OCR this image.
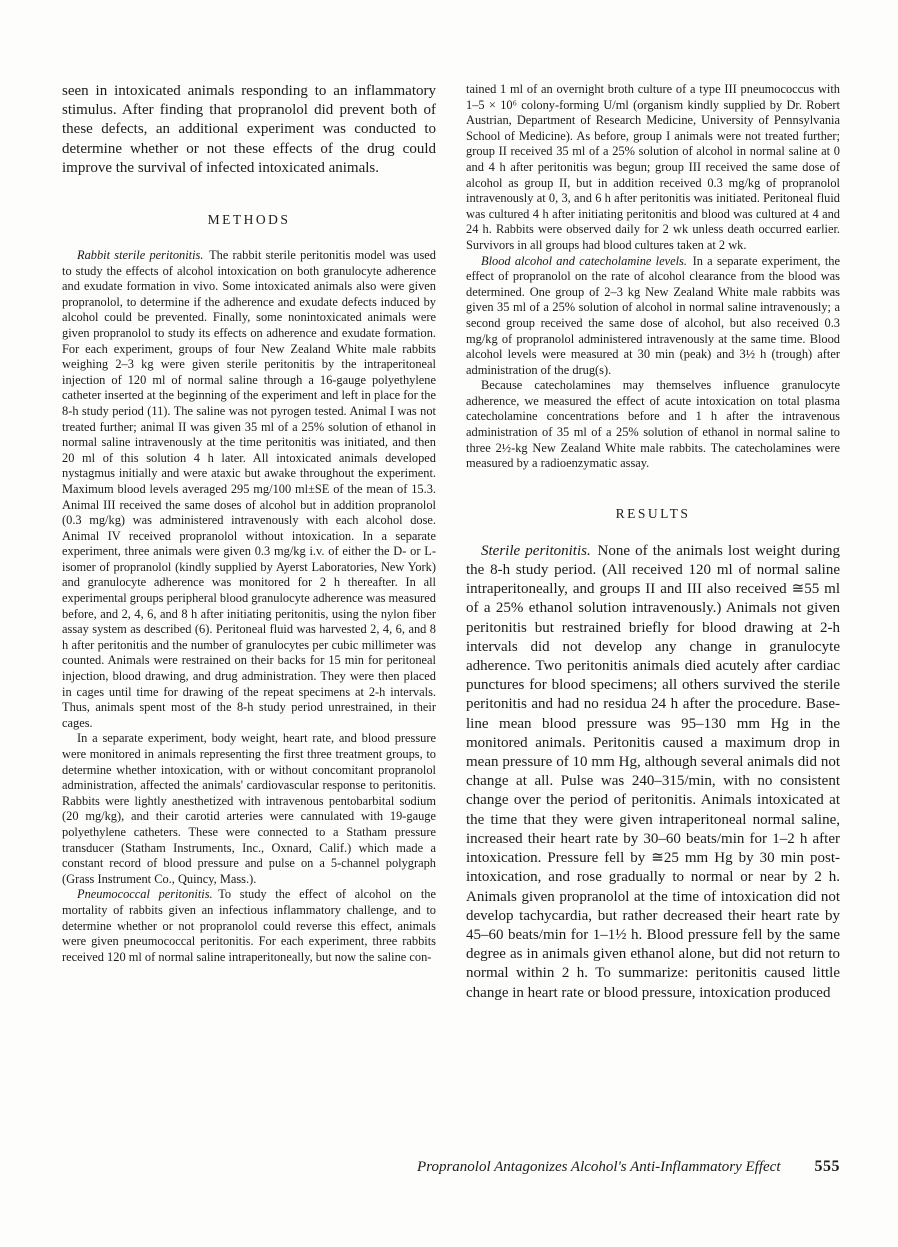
seen in intoxicated animals responding to an inflammatory stimulus. After finding that propranolol did prevent both of these defects, an additional experiment was conducted to determine whether or not these effects of the drug could improve the survival of infected intoxicated animals.

METHODS

Rabbit sterile peritonitis. The rabbit sterile peritonitis model was used to study the effects of alcohol intoxication on both granulocyte adherence and exudate formation in vivo. Some intoxicated animals also were given propranolol, to determine if the adherence and exudate defects induced by alcohol could be prevented. Finally, some nonintoxicated animals were given propranolol to study its effects on adherence and exudate formation. For each experiment, groups of four New Zealand White male rabbits weighing 2–3 kg were given sterile peritonitis by the intraperitoneal injection of 120 ml of normal saline through a 16-gauge polyethylene catheter inserted at the beginning of the experiment and left in place for the 8-h study period (11). The saline was not pyrogen tested. Animal I was not treated further; animal II was given 35 ml of a 25% solution of ethanol in normal saline intravenously at the time peritonitis was initiated, and then 20 ml of this solution 4 h later. All intoxicated animals developed nystagmus initially and were ataxic but awake throughout the experiment. Maximum blood levels averaged 295 mg/100 ml±SE of the mean of 15.3. Animal III received the same doses of alcohol but in addition propranolol (0.3 mg/kg) was administered intravenously with each alcohol dose. Animal IV received propranolol without intoxication. In a separate experiment, three animals were given 0.3 mg/kg i.v. of either the D- or L-isomer of propranolol (kindly supplied by Ayerst Laboratories, New York) and granulocyte adherence was monitored for 2 h thereafter. In all experimental groups peripheral blood granulocyte adherence was measured before, and 2, 4, 6, and 8 h after initiating peritonitis, using the nylon fiber assay system as described (6). Peritoneal fluid was harvested 2, 4, 6, and 8 h after peritonitis and the number of granulocytes per cubic millimeter was counted. Animals were restrained on their backs for 15 min for peritoneal injection, blood drawing, and drug administration. They were then placed in cages until time for drawing of the repeat specimens at 2-h intervals. Thus, animals spent most of the 8-h study period unrestrained, in their cages.

In a separate experiment, body weight, heart rate, and blood pressure were monitored in animals representing the first three treatment groups, to determine whether intoxication, with or without concomitant propranolol administration, affected the animals' cardiovascular response to peritonitis. Rabbits were lightly anesthetized with intravenous pentobarbital sodium (20 mg/kg), and their carotid arteries were cannulated with 19-gauge polyethylene catheters. These were connected to a Statham pressure transducer (Statham Instruments, Inc., Oxnard, Calif.) which made a constant record of blood pressure and pulse on a 5-channel polygraph (Grass Instrument Co., Quincy, Mass.).

Pneumococcal peritonitis. To study the effect of alcohol on the mortality of rabbits given an infectious inflammatory challenge, and to determine whether or not propranolol could reverse this effect, animals were given pneumococcal peritonitis. For each experiment, three rabbits received 120 ml of normal saline intraperitoneally, but now the saline con-

tained 1 ml of an overnight broth culture of a type III pneumococcus with 1–5 × 10⁶ colony-forming U/ml (organism kindly supplied by Dr. Robert Austrian, Department of Research Medicine, University of Pennsylvania School of Medicine). As before, group I animals were not treated further; group II received 35 ml of a 25% solution of alcohol in normal saline at 0 and 4 h after peritonitis was begun; group III received the same dose of alcohol as group II, but in addition received 0.3 mg/kg of propranolol intravenously at 0, 3, and 6 h after peritonitis was initiated. Peritoneal fluid was cultured 4 h after initiating peritonitis and blood was cultured at 4 and 24 h. Rabbits were observed daily for 2 wk unless death occurred earlier. Survivors in all groups had blood cultures taken at 2 wk.

Blood alcohol and catecholamine levels. In a separate experiment, the effect of propranolol on the rate of alcohol clearance from the blood was determined. One group of 2–3 kg New Zealand White male rabbits was given 35 ml of a 25% solution of alcohol in normal saline intravenously; a second group received the same dose of alcohol, but also received 0.3 mg/kg of propranolol administered intravenously at the same time. Blood alcohol levels were measured at 30 min (peak) and 3½ h (trough) after administration of the drug(s).

Because catecholamines may themselves influence granulocyte adherence, we measured the effect of acute intoxication on total plasma catecholamine concentrations before and 1 h after the intravenous administration of 35 ml of a 25% solution of ethanol in normal saline to three 2½-kg New Zealand White male rabbits. The catecholamines were measured by a radioenzymatic assay.

RESULTS

Sterile peritonitis. None of the animals lost weight during the 8-h study period. (All received 120 ml of normal saline intraperitoneally, and groups II and III also received ≅55 ml of a 25% ethanol solution intravenously.) Animals not given peritonitis but restrained briefly for blood drawing at 2-h intervals did not develop any change in granulocyte adherence. Two peritonitis animals died acutely after cardiac punctures for blood specimens; all others survived the sterile peritonitis and had no residua 24 h after the procedure. Base-line mean blood pressure was 95–130 mm Hg in the monitored animals. Peritonitis caused a maximum drop in mean pressure of 10 mm Hg, although several animals did not change at all. Pulse was 240–315/min, with no consistent change over the period of peritonitis. Animals intoxicated at the time that they were given intraperitoneal normal saline, increased their heart rate by 30–60 beats/min for 1–2 h after intoxication. Pressure fell by ≅25 mm Hg by 30 min post-intoxication, and rose gradually to normal or near by 2 h. Animals given propranolol at the time of intoxication did not develop tachycardia, but rather decreased their heart rate by 45–60 beats/min for 1–1½ h. Blood pressure fell by the same degree as in animals given ethanol alone, but did not return to normal within 2 h. To summarize: peritonitis caused little change in heart rate or blood pressure, intoxication produced

Propranolol Antagonizes Alcohol's Anti-Inflammatory Effect 555
